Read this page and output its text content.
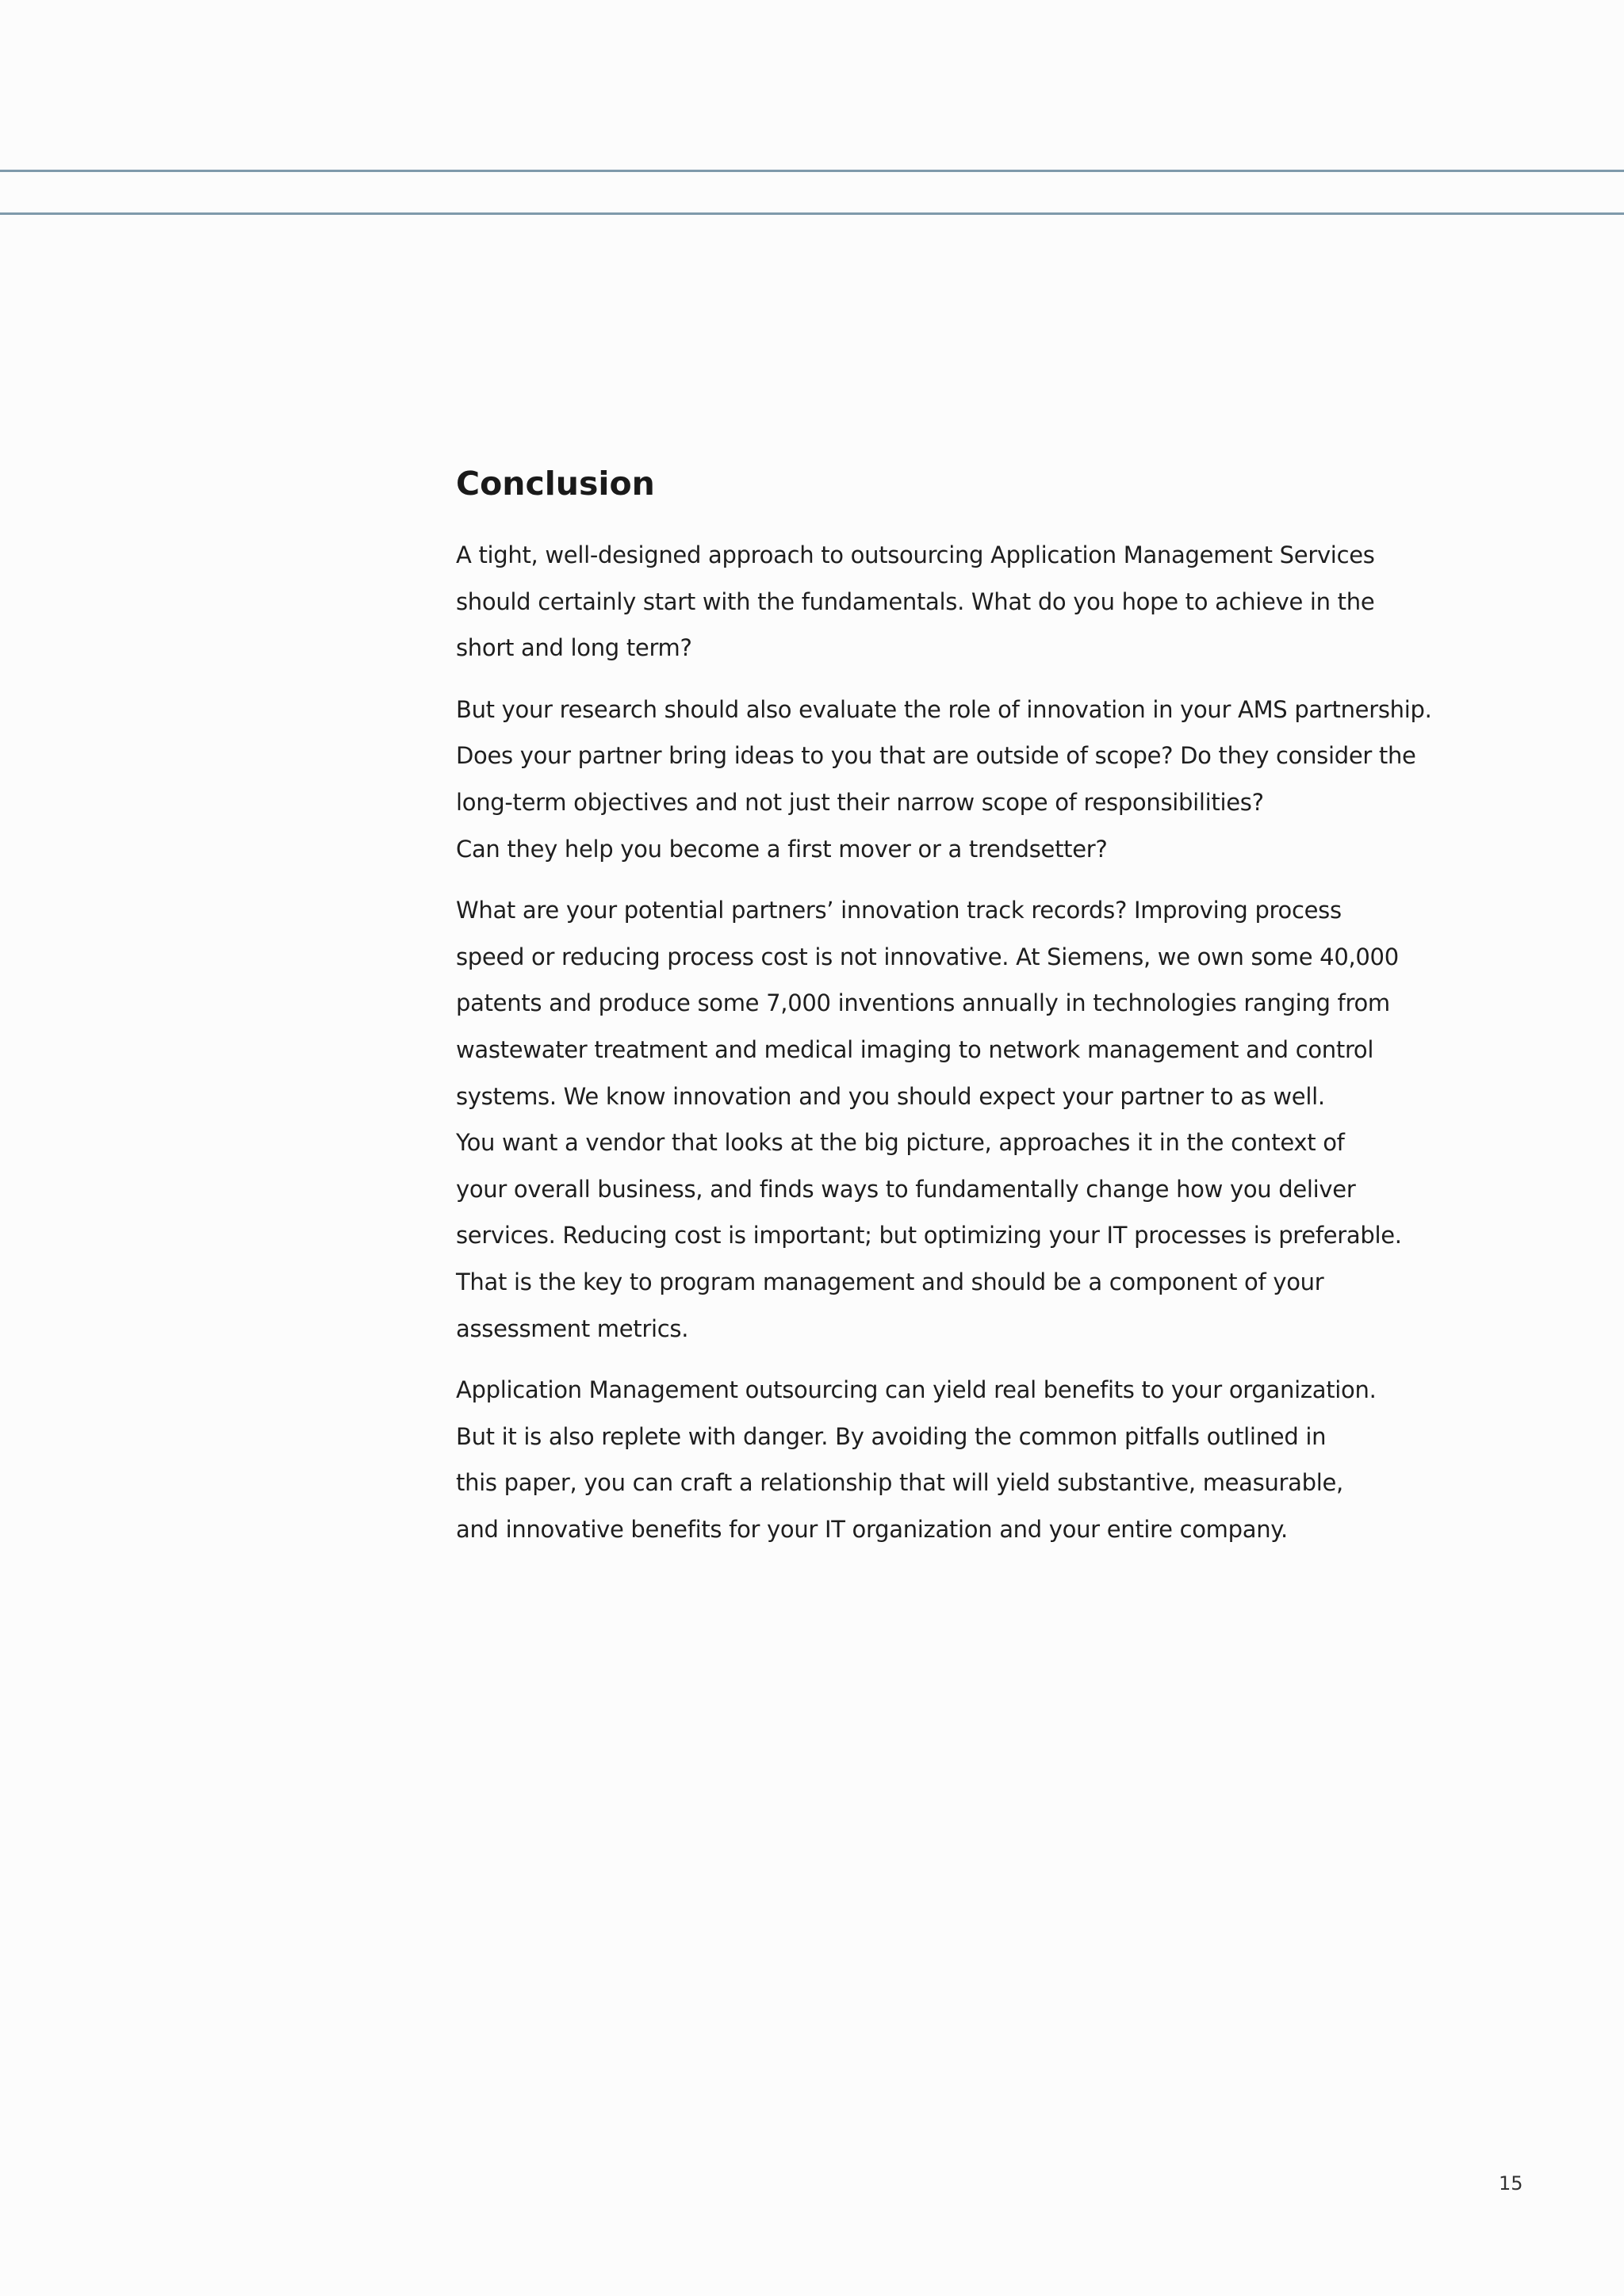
Conclusion
A tight, well-designed approach to outsourcing Application Management Services
should certainly start with the fundamentals. What do you hope to achieve in the
short and long term?
But your research should also evaluate the role of innovation in your AMS partnership.
Does your partner bring ideas to you that are outside of scope? Do they consider the
long-term objectives and not just their narrow scope of responsibilities?
Can they help you become a first mover or a trendsetter?
What are your potential partners’ innovation track records? Improving process
speed or reducing process cost is not innovative. At Siemens, we own some 40,000
patents and produce some 7,000 inventions annually in technologies ranging from
wastewater treatment and medical imaging to network management and control
systems. We know innovation and you should expect your partner to as well.
You want a vendor that looks at the big picture, approaches it in the context of
your overall business, and finds ways to fundamentally change how you deliver
services. Reducing cost is important; but optimizing your IT processes is preferable.
That is the key to program management and should be a component of your
assessment metrics.
Application Management outsourcing can yield real benefits to your organization.
But it is also replete with danger. By avoiding the common pitfalls outlined in
this paper, you can craft a relationship that will yield substantive, measurable,
and innovative benefits for your IT organization and your entire company.
15
